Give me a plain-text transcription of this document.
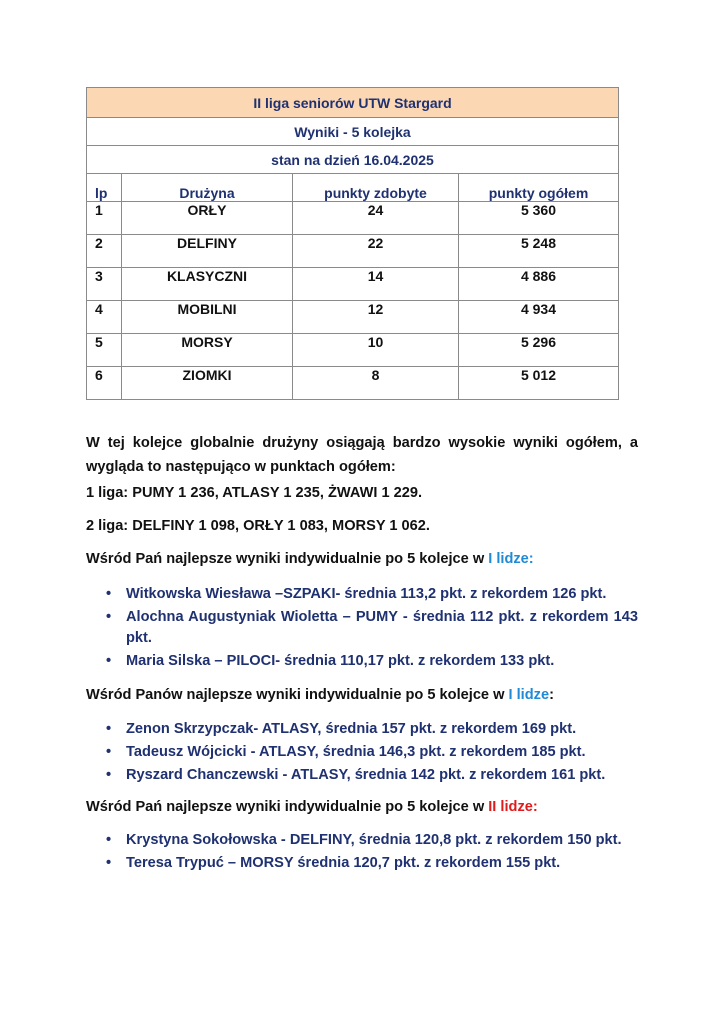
II liga seniorów UTW Stargard			
Wyniki - 5 kolejka			
stan na dzień 16.04.2025			
lp	Drużyna	punkty zdobyte	punkty ogółem
1	ORŁY	24	5 360
2	DELFINY	22	5 248
3	KLASYCZNI	14	4 886
4	MOBILNI	12	4 934
5	MORSY	10	5 296
6	ZIOMKI	8	5 012
W tej kolejce globalnie drużyny osiągają bardzo wysokie wyniki ogółem, a wygląda to następująco w punktach ogółem:
1 liga: PUMY 1 236, ATLASY 1 235, ŻWAWI 1 229.
2 liga: DELFINY 1 098, ORŁY 1 083, MORSY 1 062.
Wśród Pań najlepsze wyniki indywidualnie po 5 kolejce w I lidze:
• Witkowska Wiesława –SZPAKI- średnia 113,2 pkt. z rekordem 126 pkt.
• Alochna Augustyniak Wioletta – PUMY - średnia 112 pkt. z rekordem 143 pkt.
• Maria Silska – PILOCI- średnia 110,17 pkt. z rekordem 133 pkt.
Wśród Panów najlepsze wyniki indywidualnie po 5 kolejce w I lidze:
• Zenon Skrzypczak- ATLASY, średnia 157 pkt. z rekordem 169 pkt.
• Tadeusz Wójcicki - ATLASY, średnia 146,3 pkt. z rekordem 185 pkt.
• Ryszard Chanczewski - ATLASY, średnia 142 pkt. z rekordem 161 pkt.
Wśród Pań najlepsze wyniki indywidualnie po 5 kolejce w II lidze:
• Krystyna Sokołowska - DELFINY, średnia 120,8 pkt. z rekordem 150 pkt.
• Teresa Trypuć – MORSY średnia 120,7 pkt. z rekordem 155 pkt.
